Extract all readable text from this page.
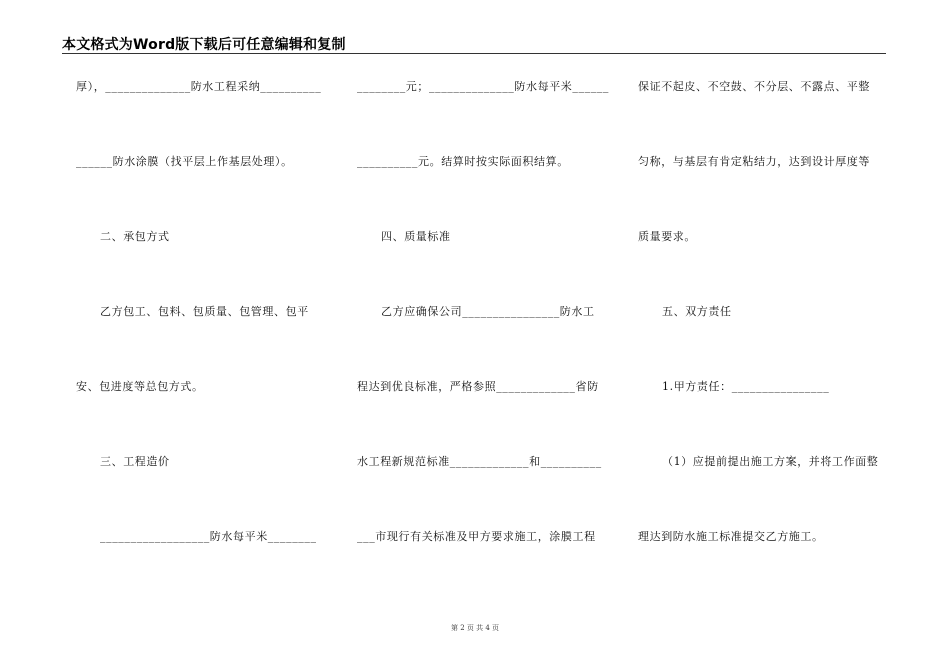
本文格式为Word版下载后可任意编辑和复制
厚），______________防水工程采纳__________
______防水涂膜（找平层上作基层处理）。
二、承包方式
乙方包工、包料、包质量、包管理、包平
安、包进度等总包方式。
三、工程造价
__________________防水每平米________
________元；______________防水每平米______
__________元。结算时按实际面积结算。
四、质量标准
乙方应确保公司________________防水工
程达到优良标准，严格参照_____________省防
水工程新规范标准_____________和__________
___市现行有关标准及甲方要求施工，涂膜工程
保证不起皮、不空鼓、不分层、不露点、平整
匀称，与基层有肯定粘结力，达到设计厚度等
质量要求。
五、双方责任
1.甲方责任：________________
（1）应提前提出施工方案，并将工作面整
理达到防水施工标准提交乙方施工。
第 2 页 共 4 页
